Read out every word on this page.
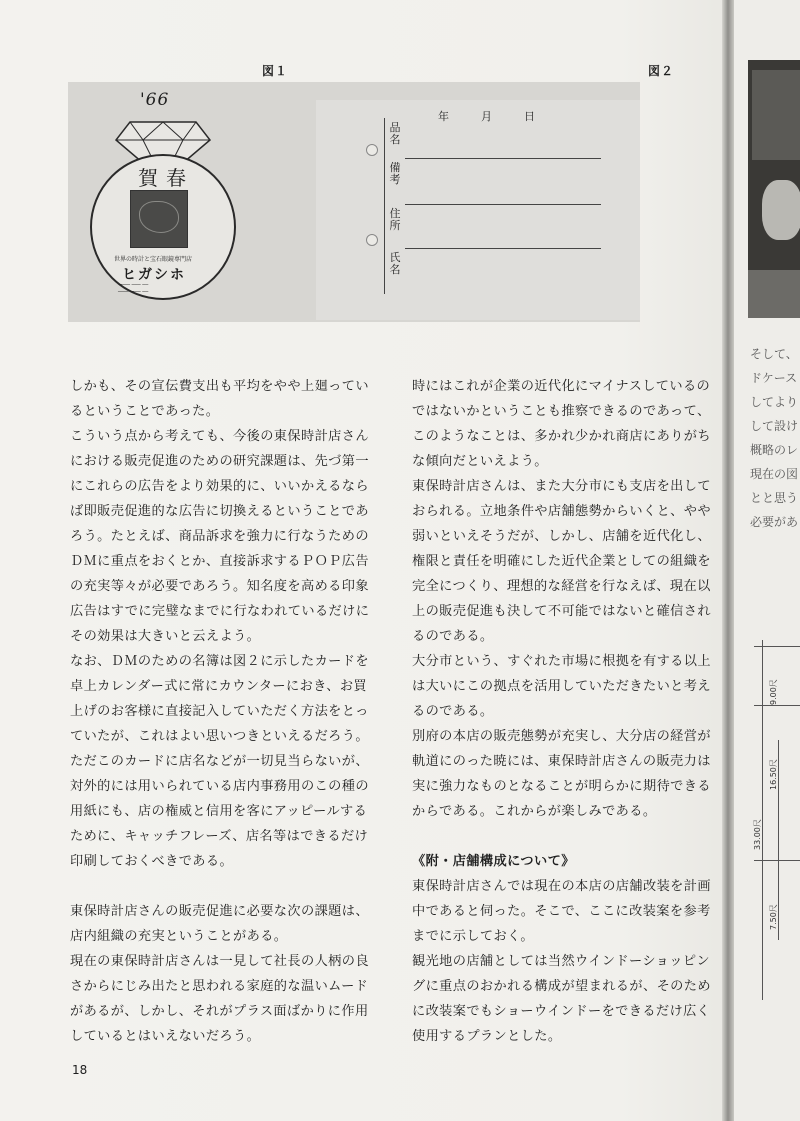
図１	図２
'66
賀春
世界の時計と宝石眼鏡専門店
ヒガシホ
──── ─── ──
──── ─── ──
年	月	日
品名
備考
住所
氏名

しかも、その宣伝費支出も平均をやや上廻ってい

るということであった。

こういう点から考えても、今後の東保時計店さん

における販売促進のための研究課題は、先づ第一

にこれらの広告をより効果的に、いいかえるなら

ば即販売促進的な広告に切換えるということであ

ろう。たとえば、商品訴求を強力に行なうための

ＤＭに重点をおくとか、直接訴求するＰＯＰ広告

の充実等々が必要であろう。知名度を高める印象

広告はすでに完璧なまでに行なわれているだけに

その効果は大きいと云えよう。

なお、ＤＭのための名簿は図２に示したカードを

卓上カレンダー式に常にカウンターにおき、お買

上げのお客様に直接記入していただく方法をとっ

ていたが、これはよい思いつきといえるだろう。

ただこのカードに店名などが一切見当らないが、

対外的には用いられている店内事務用のこの種の

用紙にも、店の権威と信用を客にアッピールする

ために、キャッチフレーズ、店名等はできるだけ

印刷しておくべきである。

東保時計店さんの販売促進に必要な次の課題は、

店内組織の充実ということがある。

現在の東保時計店さんは一見して社長の人柄の良

さからにじみ出たと思われる家庭的な温いムード

があるが、しかし、それがプラス面ばかりに作用

しているとはいえないだろう。

時にはこれが企業の近代化にマイナスしているの

ではないかということも推察できるのであって、

このようなことは、多かれ少かれ商店にありがち

な傾向だといえよう。

東保時計店さんは、また大分市にも支店を出して

おられる。立地条件や店舗態勢からいくと、やや

弱いといえそうだが、しかし、店舗を近代化し、

権限と責任を明確にした近代企業としての組織を

完全につくり、理想的な経営を行なえば、現在以

上の販売促進も決して不可能ではないと確信され

るのである。

大分市という、すぐれた市場に根拠を有する以上

は大いにこの拠点を活用していただきたいと考え

るのである。

別府の本店の販売態勢が充実し、大分店の経営が

軌道にのった暁には、東保時計店さんの販売力は

実に強力なものとなることが明らかに期待できる

からである。これからが楽しみである。

《附・店舗構成について》

東保時計店さんでは現在の本店の店舗改装を計画

中であると伺った。そこで、ここに改装案を参考

までに示しておく。

観光地の店舗としては当然ウインドーショッピン

グに重点のおかれる構成が望まれるが、そのため

に改装案でもショーウインドーをできるだけ広く

使用するプランとした。

18

そして、

ドケース

してより

して設け

概略のレ

現在の図

とと思う

必要があ

9.00尺
16.50尺
33.00尺
7.50尺
